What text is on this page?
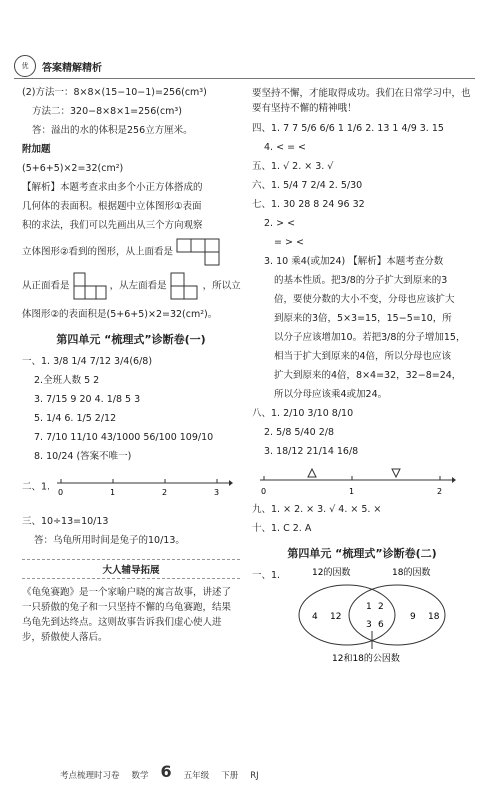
优	答案精解精析
(2)方法一：8×8×(15−10−1)=256(cm³)
方法二：320−8×8×1=256(cm³)
答：溢出的水的体积是256立方厘米。
附加题
(5+6+5)×2=32(cm²)
【解析】本题考查求由多个小正方体搭成的
几何体的表面积。根据题中立体图形①表面
积的求法，我们可以先画出从三个方向观察
立体图形②看到的图形，从上面看是
从正面看是	，从左面看是	，所以立
体图形②的表面积是(5+6+5)×2=32(cm²)。
第四单元 “梳理式”诊断卷(一)
一、1. 3/8 1/4 7/12 3/4(6/8)
2.全班人数 5 2
3. 7/15 9 20 4. 1/8 5 3
5. 1/4 6. 1/5 2/12
7. 7/10 11/10 43/1000 56/100 109/10
8. 10/24 (答案不唯一)
二、1. 0	1	2	3
三、10÷13=10/13
答：乌龟所用时间是兔子的10/13。
大人辅导拓展
《龟兔赛跑》是一个家喻户晓的寓言故事，讲述了一只骄傲的兔子和一只坚持不懈的乌龟赛跑，结果乌龟先到达终点。这则故事告诉我们虚心使人进步，骄傲使人落后。
要坚持不懈，才能取得成功。我们在日常学习中，也要有坚持不懈的精神哦！
四、1. 7 7 5/6 6/6 1 1/6 2. 13 1 4/9 3. 15
4. < = <
五、1. √ 2. × 3. √
六、1. 5/4 7 2/4 2. 5/30
七、1. 30 28 8 24 96 32
2. > <
= > <
3. 10 乘4(或加24) 【解析】本题考查分数
的基本性质。把3/8的分子扩大到原来的3
倍，要使分数的大小不变，分母也应该扩大
到原来的3倍，5×3=15，15−5=10，所
以分子应该增加10。若把3/8的分子增加15，
相当于扩大到原来的4倍，所以分母也应该
扩大到原来的4倍，8×4=32，32−8=24，
所以分母应该乘4或加24。
八、1. 2/10 3/10 8/10
2. 5/8 5/40 2/8
3. 18/12 21/14 16/8
0	1	2
九、1. × 2. × 3. √ 4. × 5. ×
十、1. C 2. A
第四单元 “梳理式”诊断卷(二)
一、1.	12的因数	18的因数
4 12
1 2
3 6
9 18
12和18的公因数
考点梳理时习卷 数学 6 五年级 下册 RJ
